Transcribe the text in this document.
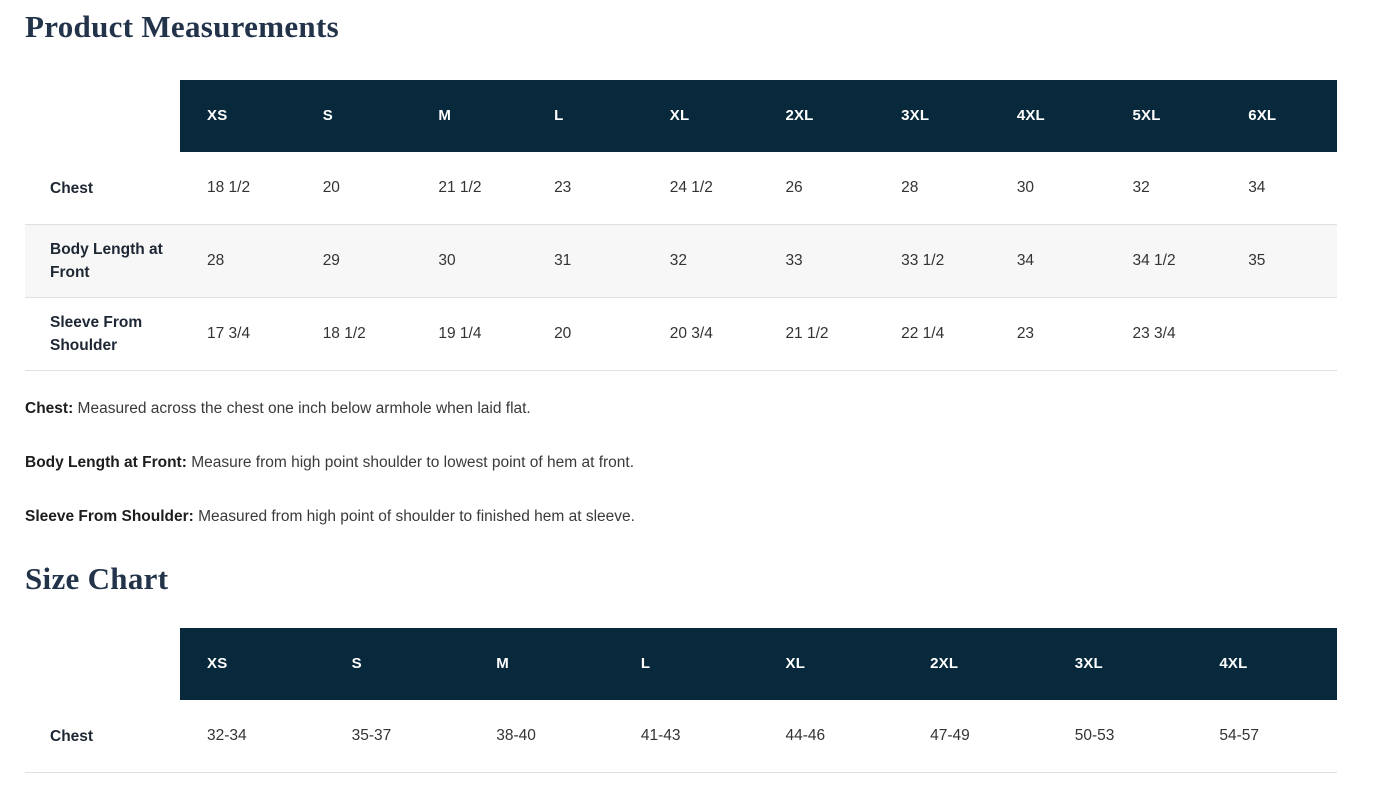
Product Measurements
	XS	S	M	L	XL	2XL	3XL	4XL	5XL	6XL
Chest	18 1/2	20	21 1/2	23	24 1/2	26	28	30	32	34
Body Length at Front	28	29	30	31	32	33	33 1/2	34	34 1/2	35
Sleeve From Shoulder	17 3/4	18 1/2	19 1/4	20	20 3/4	21 1/2	22 1/4	23	23 3/4	

Chest: Measured across the chest one inch below armhole when laid flat.

Body Length at Front: Measure from high point shoulder to lowest point of hem at front.

Sleeve From Shoulder: Measured from high point of shoulder to finished hem at sleeve.

Size Chart
	XS	S	M	L	XL	2XL	3XL	4XL
Chest	32-34	35-37	38-40	41-43	44-46	47-49	50-53	54-57
